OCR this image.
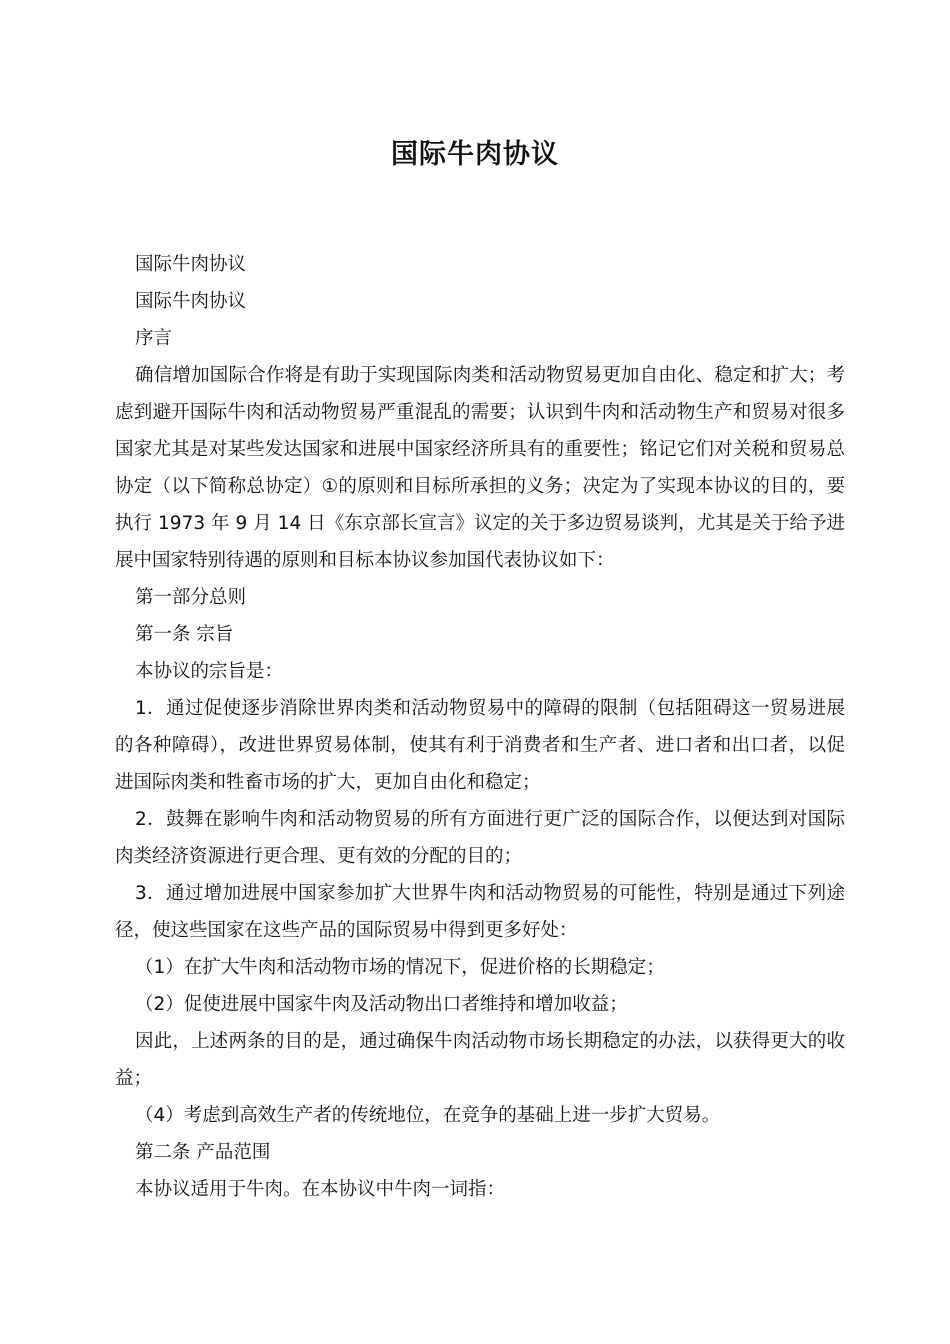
国际牛肉协议

国际牛肉协议

国际牛肉协议

序言

确信增加国际合作将是有助于实现国际肉类和活动物贸易更加自由化、稳定和扩大；考虑到避开国际牛肉和活动物贸易严重混乱的需要；认识到牛肉和活动物生产和贸易对很多国家尤其是对某些发达国家和进展中国家经济所具有的重要性；铭记它们对关税和贸易总协定（以下简称总协定）①的原则和目标所承担的义务；决定为了实现本协议的目的，要执行 1973 年 9 月 14 日《东京部长宣言》议定的关于多边贸易谈判，尤其是关于给予进展中国家特别待遇的原则和目标本协议参加国代表协议如下：

第一部分总则

第一条 宗旨

本协议的宗旨是：

1．通过促使逐步消除世界肉类和活动物贸易中的障碍的限制（包括阻碍这一贸易进展的各种障碍），改进世界贸易体制，使其有利于消费者和生产者、进口者和出口者，以促进国际肉类和牲畜市场的扩大，更加自由化和稳定；

2．鼓舞在影响牛肉和活动物贸易的所有方面进行更广泛的国际合作，以便达到对国际肉类经济资源进行更合理、更有效的分配的目的；

3．通过增加进展中国家参加扩大世界牛肉和活动物贸易的可能性，特别是通过下列途径，使这些国家在这些产品的国际贸易中得到更多好处：

（1）在扩大牛肉和活动物市场的情况下，促进价格的长期稳定；

（2）促使进展中国家牛肉及活动物出口者维持和增加收益；

因此，上述两条的目的是，通过确保牛肉活动物市场长期稳定的办法，以获得更大的收益；

（4）考虑到高效生产者的传统地位，在竞争的基础上进一步扩大贸易。

第二条 产品范围

本协议适用于牛肉。在本协议中牛肉一词指：
